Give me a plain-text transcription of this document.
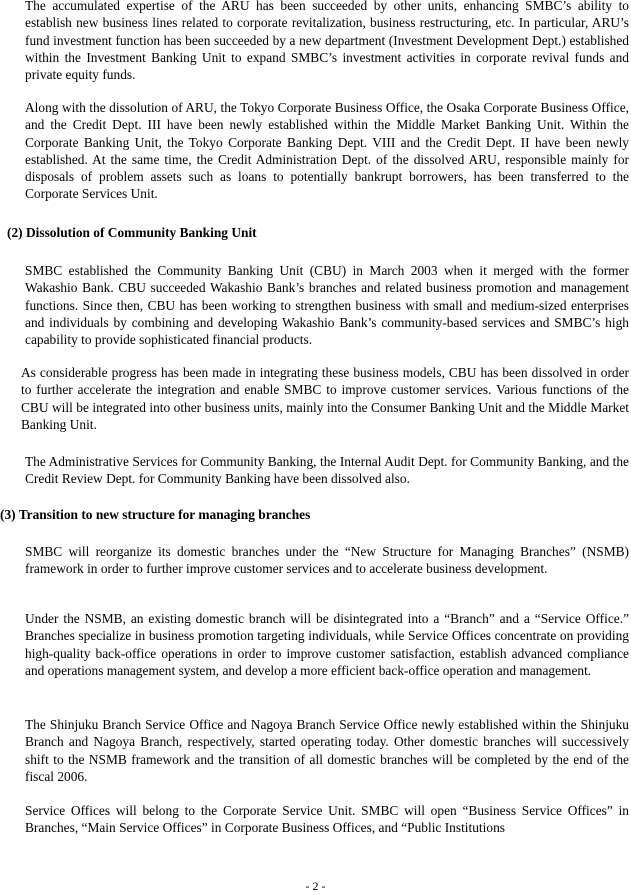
The accumulated expertise of the ARU has been succeeded by other units, enhancing SMBC’s ability to establish new business lines related to corporate revitalization, business restructuring, etc. In particular, ARU’s fund investment function has been succeeded by a new department (Investment Development Dept.) established within the Investment Banking Unit to expand SMBC’s investment activities in corporate revival funds and private equity funds.

Along with the dissolution of ARU, the Tokyo Corporate Business Office, the Osaka Corporate Business Office, and the Credit Dept. III have been newly established within the Middle Market Banking Unit. Within the Corporate Banking Unit, the Tokyo Corporate Banking Dept. VIII and the Credit Dept. II have been newly established. At the same time, the Credit Administration Dept. of the dissolved ARU, responsible mainly for disposals of problem assets such as loans to potentially bankrupt borrowers, has been transferred to the Corporate Services Unit.

(2) Dissolution of Community Banking Unit

SMBC established the Community Banking Unit (CBU) in March 2003 when it merged with the former Wakashio Bank. CBU succeeded Wakashio Bank’s branches and related business promotion and management functions. Since then, CBU has been working to strengthen business with small and medium-sized enterprises and individuals by combining and developing Wakashio Bank’s community-based services and SMBC’s high capability to provide sophisticated financial products.

As considerable progress has been made in integrating these business models, CBU has been dissolved in order to further accelerate the integration and enable SMBC to improve customer services. Various functions of the CBU will be integrated into other business units, mainly into the Consumer Banking Unit and the Middle Market Banking Unit.

The Administrative Services for Community Banking, the Internal Audit Dept. for Community Banking, and the Credit Review Dept. for Community Banking have been dissolved also.

(3) Transition to new structure for managing branches

SMBC will reorganize its domestic branches under the “New Structure for Managing Branches” (NSMB) framework in order to further improve customer services and to accelerate business development.

Under the NSMB, an existing domestic branch will be disintegrated into a “Branch” and a “Service Office.” Branches specialize in business promotion targeting individuals, while Service Offices concentrate on providing high-quality back-office operations in order to improve customer satisfaction, establish advanced compliance and operations management system, and develop a more efficient back-office operation and management.

The Shinjuku Branch Service Office and Nagoya Branch Service Office newly established within the Shinjuku Branch and Nagoya Branch, respectively, started operating today. Other domestic branches will successively shift to the NSMB framework and the transition of all domestic branches will be completed by the end of the fiscal 2006.

Service Offices will belong to the Corporate Service Unit. SMBC will open “Business Service Offices” in Branches, “Main Service Offices” in Corporate Business Offices, and “Public Institutions

- 2 -
